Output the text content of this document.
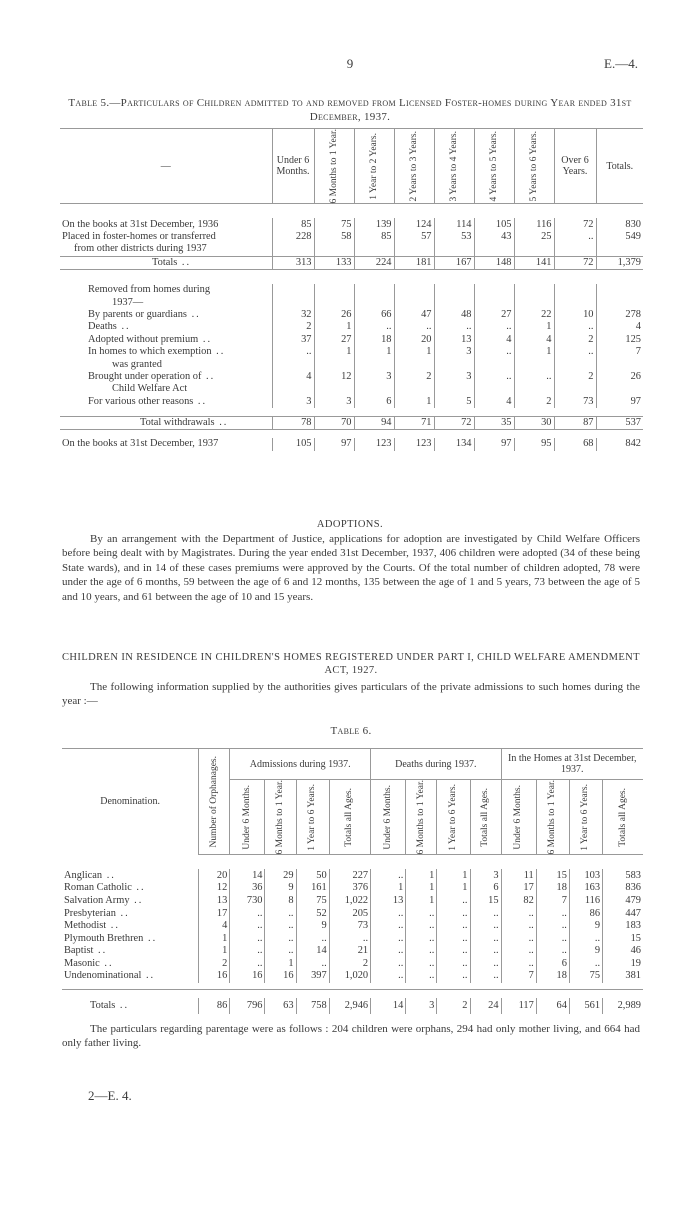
9	E.—4.
Table 5.—Particulars of Children admitted to and removed from Licensed Foster-homes during Year ended 31st December, 1937.
—	Under 6 Months.	6 Months to 1 Year.	1 Year to 2 Years.	2 Years to 3 Years.	3 Years to 4 Years.	4 Years to 5 Years.	5 Years to 6 Years.	Over 6 Years.	Totals.

On the books at 31st December, 1936	85	75	139	124	114	105	116	72	830
Placed in foster-homes or transferred	228	58	85	57	53	43	25	..	549
from other districts during 1937									
Totals ..	313	133	224	181	167	148	141	72	1,379

Removed from homes during									
1937—									
By parents or guardians ..	32	26	66	47	48	27	22	10	278
Deaths ..	2	1	..	..	..	..	1	..	4
Adopted without premium ..	37	27	18	20	13	4	4	2	125
In homes to which exemption ..	..	1	1	1	3	..	1	..	7
was granted									
Brought under operation of ..	4	12	3	2	3	..	..	2	26
Child Welfare Act									
For various other reasons ..	3	3	6	1	5	4	2	73	97

Total withdrawals ..	78	70	94	71	72	35	30	87	537

On the books at 31st December, 1937	105	97	123	123	134	97	95	68	842
ADOPTIONS.
By an arrangement with the Department of Justice, applications for adoption are investigated by Child Welfare Officers before being dealt with by Magistrates. During the year ended 31st December, 1937, 406 children were adopted (34 of these being State wards), and in 14 of these cases premiums were approved by the Courts. Of the total number of children adopted, 78 were under the age of 6 months, 59 between the age of 6 and 12 months, 135 between the age of 1 and 5 years, 73 between the age of 5 and 10 years, and 61 between the age of 10 and 15 years.
CHILDREN IN RESIDENCE IN CHILDREN'S HOMES REGISTERED UNDER PART I, CHILD WELFARE AMENDMENT ACT, 1927.
The following information supplied by the authorities gives particulars of the private admissions to such homes during the year :—
Table 6.
Denomination.	Number of Orphanages.	Admissions during 1937.				Deaths during 1937.				In the Homes at 31st December, 1937.			

		Under 6 Months.	6 Months to 1 Year.	1 Year to 6 Years.	Totals all Ages.	Under 6 Months.	6 Months to 1 Year.	1 Year to 6 Years.	Totals all Ages.	Under 6 Months.	6 Months to 1 Year.	1 Year to 6 Years.	Totals all Ages.

Anglican ..	20	14	29	50	227	..	1	1	3	11	15	103	583
Roman Catholic ..	12	36	9	161	376	1	1	1	6	17	18	163	836
Salvation Army ..	13	730	8	75	1,022	13	1	..	15	82	7	116	479
Presbyterian ..	17	..	..	52	205	..	..	..	..	..	..	86	447
Methodist ..	4	..	..	9	73	..	..	..	..	..	..	9	183
Plymouth Brethren ..	1	..	..	..	..	..	..	..	..	..	..	..	15
Baptist ..	1	..	..	14	21	..	..	..	..	..	..	9	46
Masonic ..	2	..	1	..	2	..	..	..	..	..	6	..	19
Undenominational ..	16	16	16	397	1,020	..	..	..	..	7	18	75	381

Totals ..	86	796	63	758	2,946	14	3	2	24	117	64	561	2,989
The particulars regarding parentage were as follows : 204 children were orphans, 294 had only mother living, and 664 had only father living.
2—E. 4.
